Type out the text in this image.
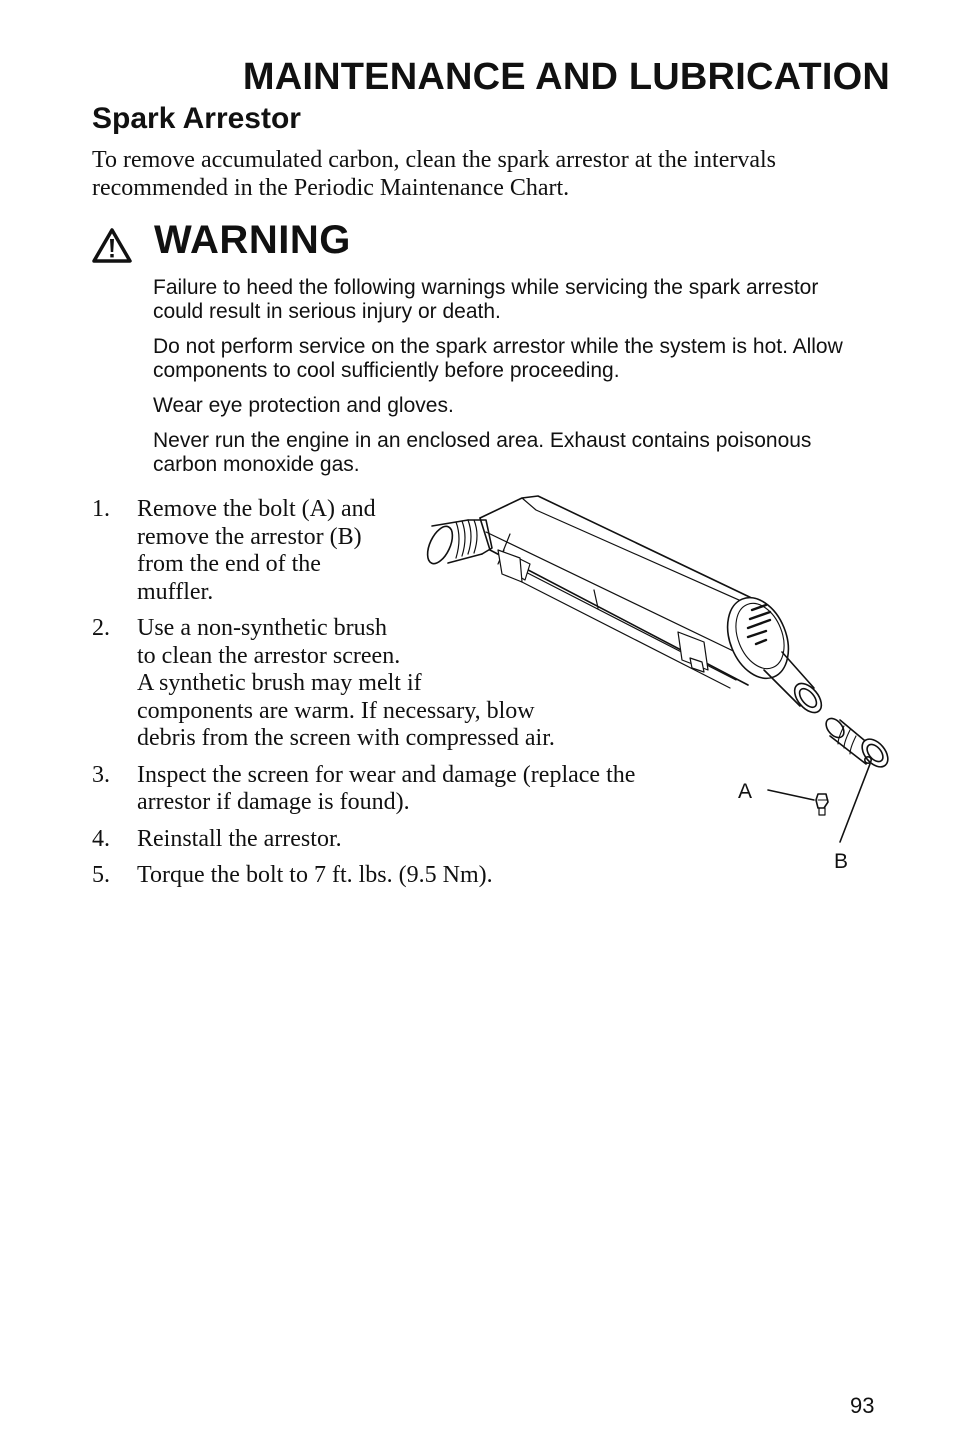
MAINTENANCE AND LUBRICATION
Spark Arrestor

To remove accumulated carbon, clean the spark arrestor at the intervals recommended in the Periodic Maintenance Chart.

WARNING

Failure to heed the following warnings while servicing the spark arrestor could result in serious injury or death.

Do not perform service on the spark arrestor while the system is hot. Allow components to cool sufficiently before proceeding.

Wear eye protection and gloves.

Never run the engine in an enclosed area. Exhaust contains poisonous carbon monoxide gas.

1. Remove the bolt (A) and remove the arrestor (B) from the end of the muffler.
2. Use a non-synthetic brush
to clean the arrestor screen.
A synthetic brush may melt if
components are warm. If necessary, blow
debris from the screen with compressed air.
3. Inspect the screen for wear and damage (replace the arrestor if damage is found).
4. Reinstall the arrestor.
5. Torque the bolt to 7 ft. lbs. (9.5 Nm).
A
B
93
